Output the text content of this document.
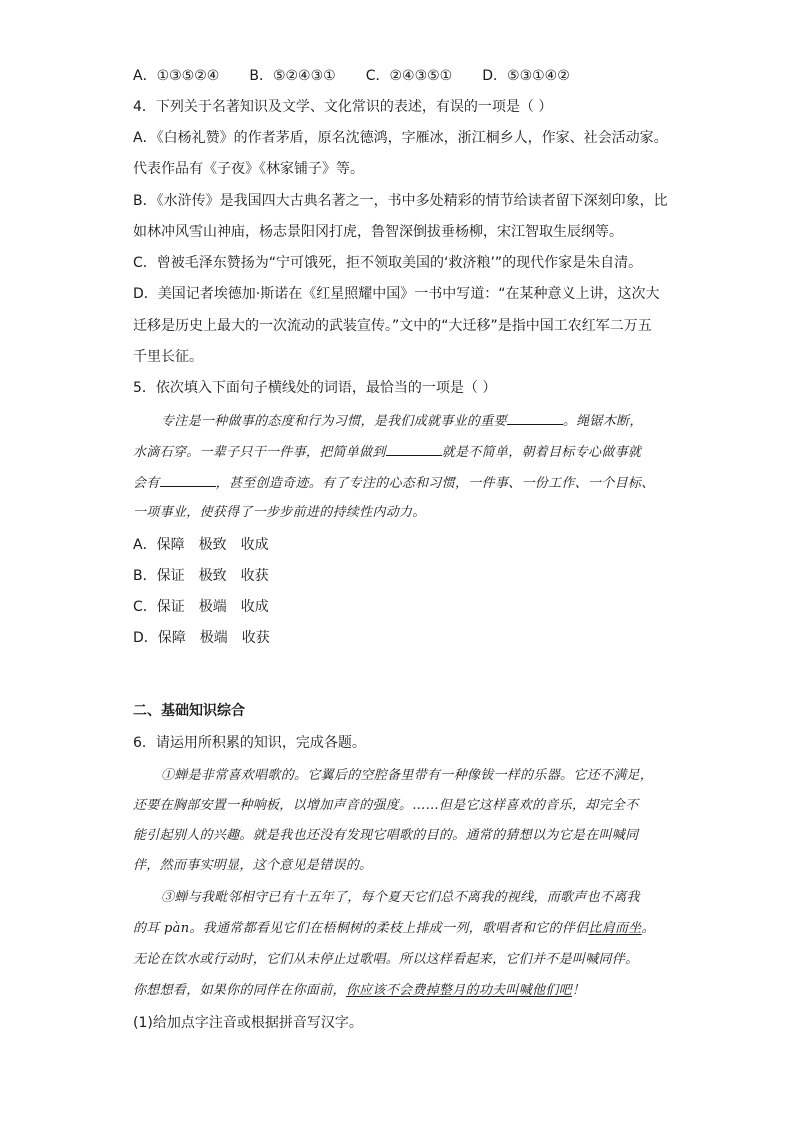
A．①③⑤②④ B．⑤②④③① C．②④③⑤① D．⑤③①④②
4．下列关于名著知识及文学、文化常识的表述，有误的一项是（ ）
A．《白杨礼赞》的作者茅盾，原名沈德鸿，字雁冰，浙江桐乡人，作家、社会活动家。
代表作品有《子夜》《林家铺子》等。
B．《水浒传》是我国四大古典名著之一，书中多处精彩的情节给读者留下深刻印象，比
如林冲风雪山神庙，杨志景阳冈打虎，鲁智深倒拔垂杨柳，宋江智取生辰纲等。
C．曾被毛泽东赞扬为“宁可饿死，拒不领取美国的‘救济粮’”的现代作家是朱自清。
D．美国记者埃德加·斯诺在《红星照耀中国》一书中写道：“在某种意义上讲，这次大
迁移是历史上最大的一次流动的武装宣传。”文中的“大迁移”是指中国工农红军二万五
千里长征。
5．依次填入下面句子横线处的词语，最恰当的一项是（ ）
专注是一种做事的态度和行为习惯，是我们成就事业的重要	。绳锯木断，
水滴石穿。一辈子只干一件事，把简单做到	就是不简单，朝着目标专心做事就
会有	，甚至创造奇迹。有了专注的心态和习惯，一件事、一份工作、一个目标、
一项事业，使获得了一步步前进的持续性内动力。
A．保障 极致 收成
B．保证 极致 收获
C．保证 极端 收成
D．保障 极端 收获
二、基础知识综合
6．请运用所积累的知识，完成各题。
①蝉是非常喜欢唱歌的。它翼后的空腔备里带有一种像钹一样的乐器。它还不满足，
还要在胸部安置一种响板，以增加声音的强度。……但是它这样喜欢的音乐，却完全不
能引起别人的兴趣。就是我也还没有发现它唱歌的目的。通常的猜想以为它是在叫喊同
伴，然而事实明显，这个意见是错误的。
③蝉与我毗邻相守已有十五年了，每个夏天它们总不离我的视线，而歌声也不离我
的耳 pàn。我通常都看见它们在梧桐树的柔枝上排成一列，歌唱者和它的伴侣比肩而坐。
无论在饮水或行动时，它们从未停止过歌唱。所以这样看起来，它们并不是叫喊同伴。
你想想看，如果你的同伴在你面前，你应该不会费掉整月的功夫叫喊他们吧！
(1)给加点字注音或根据拼音写汉字。
